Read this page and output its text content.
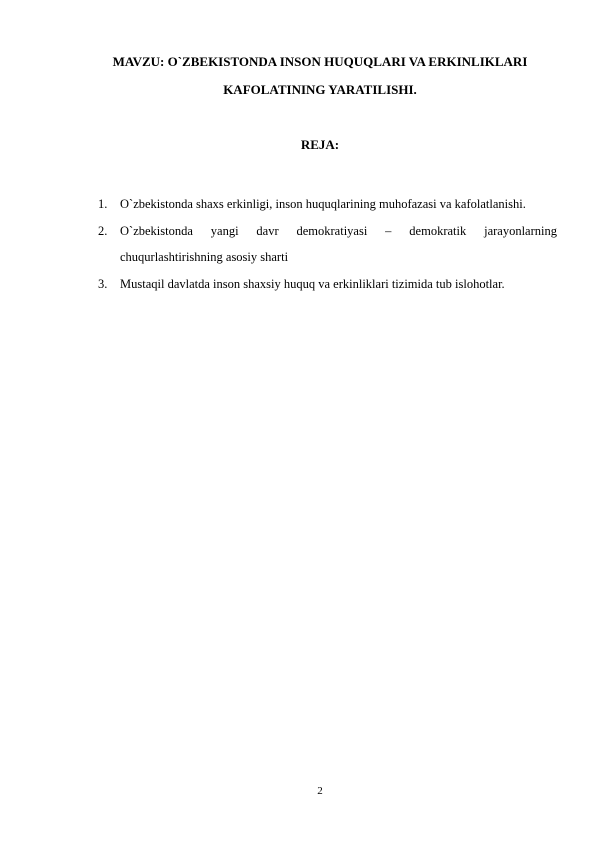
MAVZU: O`ZBEKISTONDA INSON HUQUQLARI VA ERKINLIKLARI
KAFOLATINING YARATILISHI.
REJA:
1. O`zbekistonda shaxs erkinligi, inson huquqlarining muhofazasi va kafolatlanishi.
2. O`zbekistonda yangi davr demokratiyasi – demokratik jarayonlarning
chuqurlashtirishning asosiy sharti
3. Mustaqil davlatda inson shaxsiy huquq va erkinliklari tizimida tub islohotlar.
2
